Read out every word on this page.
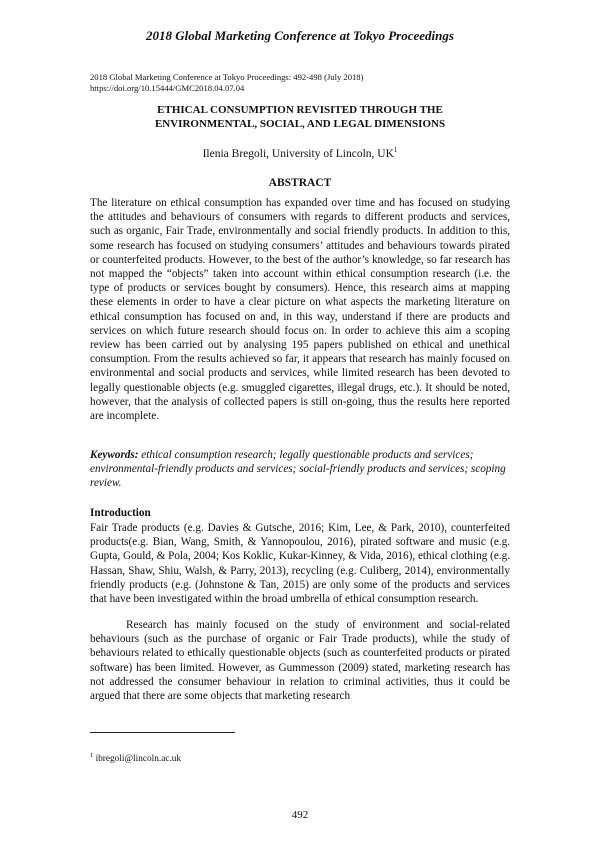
2018 Global Marketing Conference at Tokyo Proceedings
2018 Global Marketing Conference at Tokyo Proceedings: 492-498 (July 2018)
https://doi.org/10.15444/GMC2018.04.07.04
ETHICAL CONSUMPTION REVISITED THROUGH THE
ENVIRONMENTAL, SOCIAL, AND LEGAL DIMENSIONS
Ilenia Bregoli, University of Lincoln, $UK^1$
ABSTRACT
The literature on ethical consumption has expanded over time and has focused on studying the attitudes and behaviours of consumers with regards to different products and services, such as organic, Fair Trade, environmentally and social friendly products. In addition to this, some research has focused on studying consumers’ attitudes and behaviours towards pirated or counterfeited products. However, to the best of the author’s knowledge, so far research has not mapped the “objects” taken into account within ethical consumption research (i.e. the type of products or services bought by consumers). Hence, this research aims at mapping these elements in order to have a clear picture on what aspects the marketing literature on ethical consumption has focused on and, in this way, understand if there are products and services on which future research should focus on. In order to achieve this aim a scoping review has been carried out by analysing 195 papers published on ethical and unethical consumption. From the results achieved so far, it appears that research has mainly focused on environmental and social products and services, while limited research has been devoted to legally questionable objects (e.g. smuggled cigarettes, illegal drugs, etc.). It should be noted, however, that the analysis of collected papers is still on-going, thus the results here reported are incomplete.
Keywords: ethical consumption research; legally questionable products and services; environmental-friendly products and services; social-friendly products and services; scoping review.
Introduction
Fair Trade products (e.g. Davies & Gutsche, 2016; Kim, Lee, & Park, 2010), counterfeited products(e.g. Bian, Wang, Smith, & Yannopoulou, 2016), pirated software and music (e.g. Gupta, Gould, & Pola, 2004; Kos Koklic, Kukar-Kinney, & Vida, 2016), ethical clothing (e.g. Hassan, Shaw, Shiu, Walsh, & Parry, 2013), recycling (e.g. Culiberg, 2014), environmentally friendly products (e.g. (Johnstone & Tan, 2015) are only some of the products and services that have been investigated within the broad umbrella of ethical consumption research.
Research has mainly focused on the study of environment and social-related behaviours (such as the purchase of organic or Fair Trade products), while the study of behaviours related to ethically questionable objects (such as counterfeited products or pirated software) has been limited. However, as Gummesson (2009) stated, marketing research has not addressed the consumer behaviour in relation to criminal activities, thus it could be argued that there are some objects that marketing research
$^1$ ibregoli@lincoln.ac.uk
492
